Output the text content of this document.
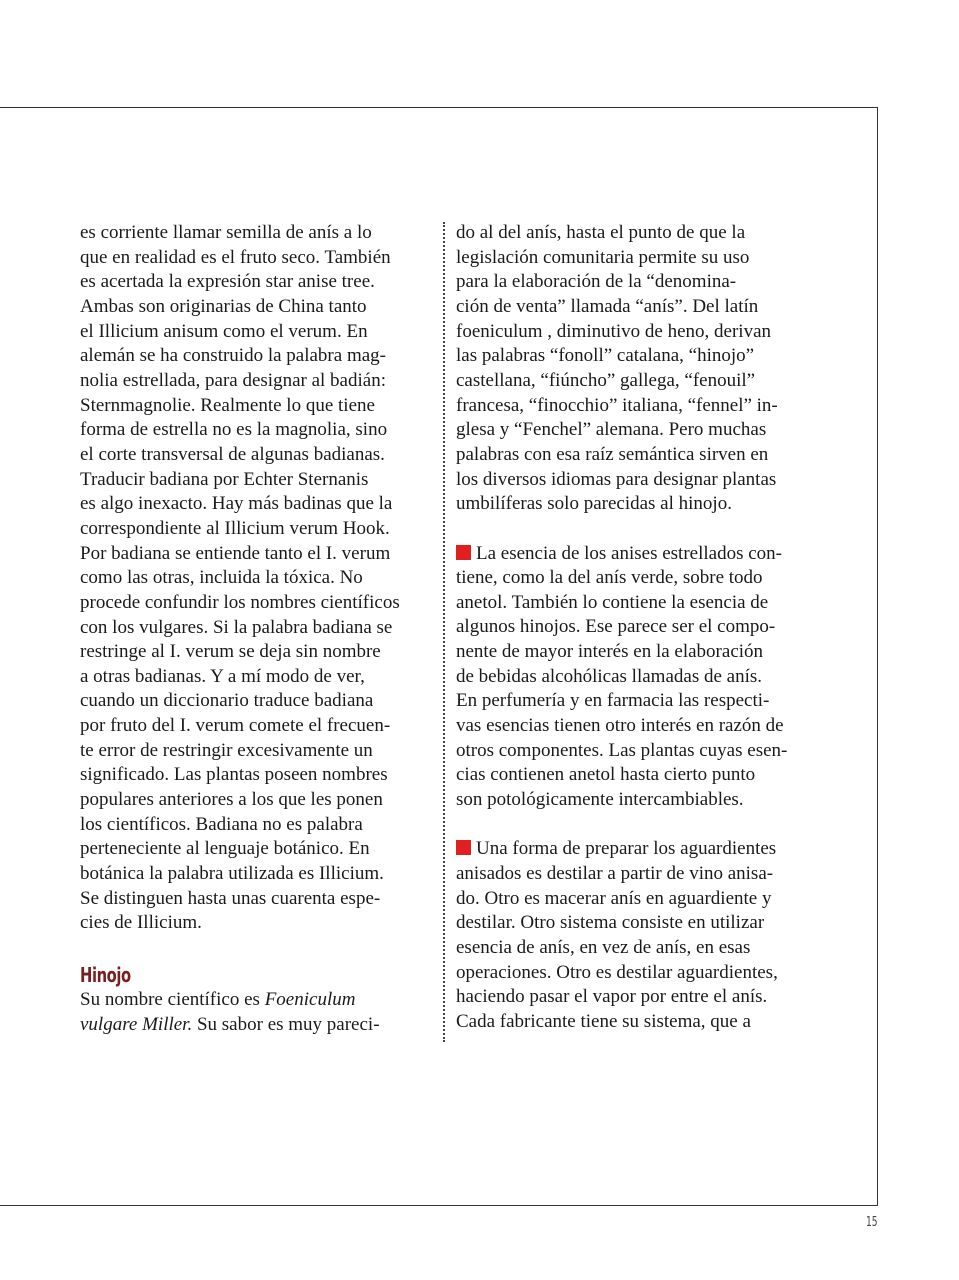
es corriente llamar semilla de anís a lo
que en realidad es el fruto seco. También
es acertada la expresión star anise tree.
Ambas son originarias de China tanto
el Illicium anisum como el verum. En
alemán se ha construido la palabra mag-
nolia estrellada, para designar al badián:
Sternmagnolie. Realmente lo que tiene
forma de estrella no es la magnolia, sino
el corte transversal de algunas badianas.
Traducir badiana por Echter Sternanis
es algo inexacto. Hay más badinas que la
correspondiente al Illicium verum Hook.
Por badiana se entiende tanto el I. verum
como las otras, incluida la tóxica. No
procede confundir los nombres científicos
con los vulgares. Si la palabra badiana se
restringe al I. verum se deja sin nombre
a otras badianas. Y a mí modo de ver,
cuando un diccionario traduce badiana
por fruto del I. verum comete el frecuen-
te error de restringir excesivamente un
significado. Las plantas poseen nombres
populares anteriores a los que les ponen
los científicos. Badiana no es palabra
perteneciente al lenguaje botánico. En
botánica la palabra utilizada es Illicium.
Se distinguen hasta unas cuarenta espe-
cies de Illicium.
Hinojo
Su nombre científico es Foeniculum
vulgare Miller. Su sabor es muy pareci-
do al del anís, hasta el punto de que la
legislación comunitaria permite su uso
para la elaboración de la “denomina-
ción de venta” llamada “anís”. Del latín
foeniculum , diminutivo de heno, derivan
las palabras “fonoll” catalana, “hinojo”
castellana, “fiúncho” gallega, “fenouil”
francesa, “finocchio” italiana, “fennel” in-
glesa y “Fenchel” alemana. Pero muchas
palabras con esa raíz semántica sirven en
los diversos idiomas para designar plantas
umbilíferas solo parecidas al hinojo.
La esencia de los anises estrellados con-
tiene, como la del anís verde, sobre todo
anetol. También lo contiene la esencia de
algunos hinojos. Ese parece ser el compo-
nente de mayor interés en la elaboración
de bebidas alcohólicas llamadas de anís.
En perfumería y en farmacia las respecti-
vas esencias tienen otro interés en razón de
otros componentes. Las plantas cuyas esen-
cias contienen anetol hasta cierto punto
son potológicamente intercambiables.
Una forma de preparar los aguardientes
anisados es destilar a partir de vino anisa-
do. Otro es macerar anís en aguardiente y
destilar. Otro sistema consiste en utilizar
esencia de anís, en vez de anís, en esas
operaciones. Otro es destilar aguardientes,
haciendo pasar el vapor por entre el anís.
Cada fabricante tiene su sistema, que a
15
